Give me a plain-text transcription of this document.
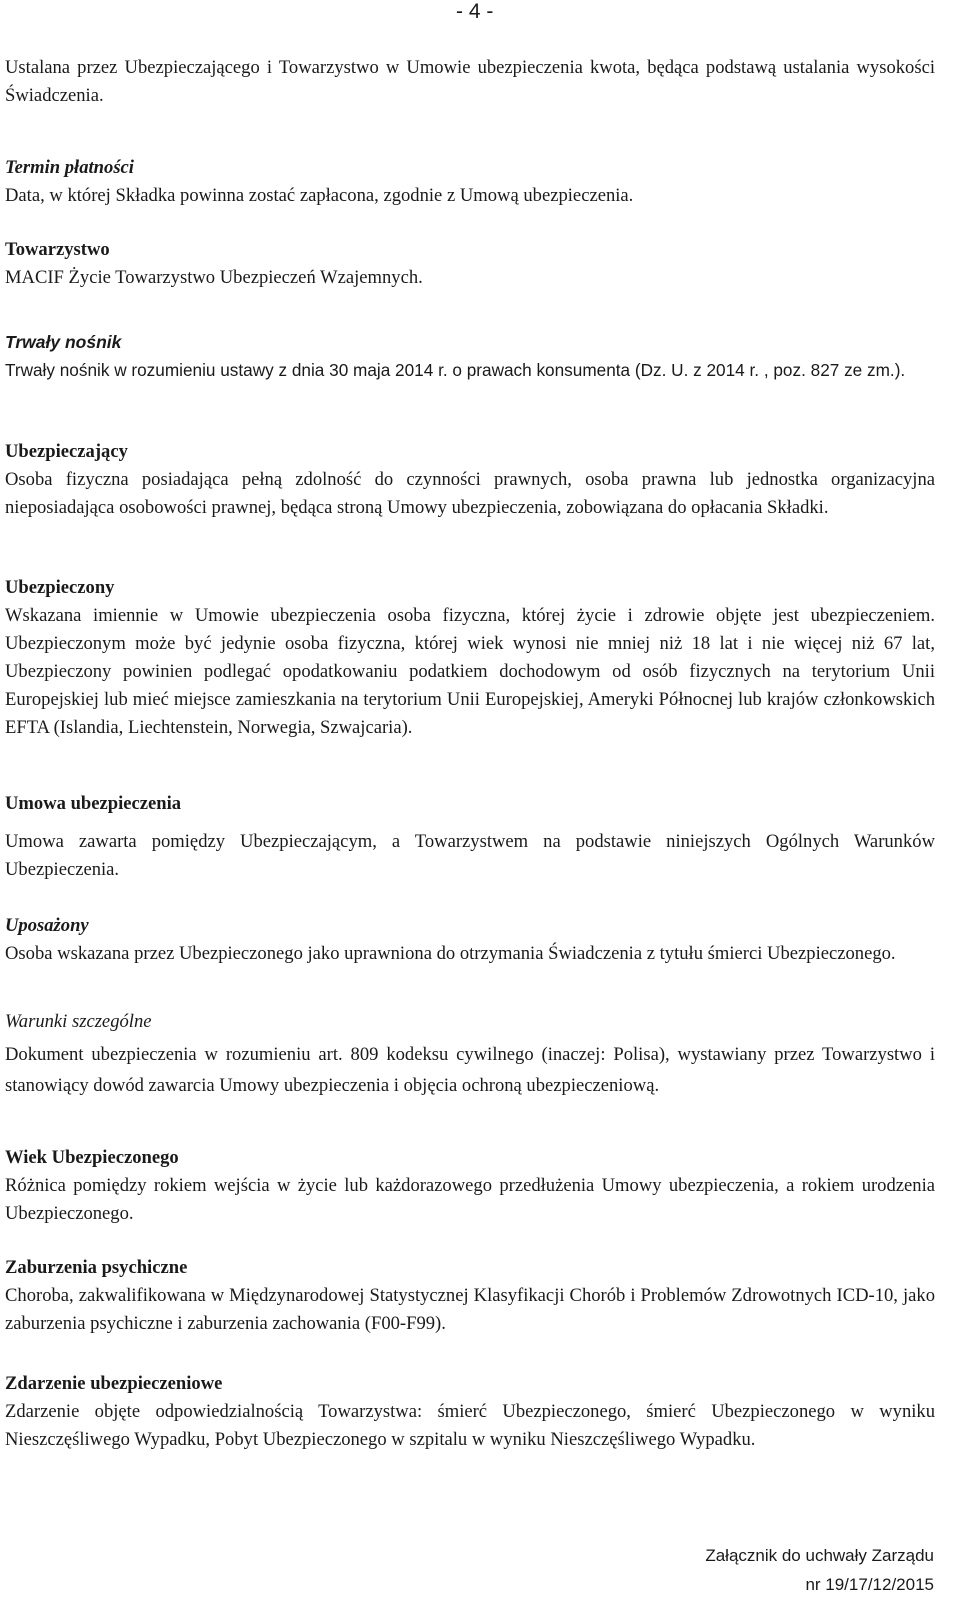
- 4 -

Ustalana przez Ubezpieczającego i Towarzystwo w Umowie ubezpieczenia kwota, będąca podstawą ustalania wysokości Świadczenia.

Termin płatności

Data, w której Składka powinna zostać zapłacona, zgodnie z Umową ubezpieczenia.

Towarzystwo

MACIF Życie Towarzystwo Ubezpieczeń Wzajemnych.

Trwały nośnik

Trwały nośnik w rozumieniu ustawy z dnia 30 maja 2014 r. o prawach konsumenta (Dz. U. z 2014 r. , poz. 827 ze zm.).

Ubezpieczający

Osoba fizyczna posiadająca pełną zdolność do czynności prawnych, osoba prawna lub jednostka organizacyjna nieposiadająca osobowości prawnej, będąca stroną Umowy ubezpieczenia, zobowiązana do opłacania Składki.

Ubezpieczony

Wskazana imiennie w Umowie ubezpieczenia osoba fizyczna, której życie i zdrowie objęte jest ubezpieczeniem. Ubezpieczonym może być jedynie osoba fizyczna, której wiek wynosi nie mniej niż 18 lat i nie więcej niż 67 lat, Ubezpieczony powinien podlegać opodatkowaniu podatkiem dochodowym od osób fizycznych na terytorium Unii Europejskiej lub mieć miejsce zamieszkania na terytorium Unii Europejskiej, Ameryki Północnej lub krajów członkowskich EFTA (Islandia, Liechtenstein, Norwegia, Szwajcaria).

Umowa ubezpieczenia

Umowa zawarta pomiędzy Ubezpieczającym, a Towarzystwem na podstawie niniejszych Ogólnych Warunków Ubezpieczenia.

Uposażony

Osoba wskazana przez Ubezpieczonego jako uprawniona do otrzymania Świadczenia z tytułu śmierci Ubezpieczonego.

Warunki szczególne

Dokument ubezpieczenia w rozumieniu art. 809 kodeksu cywilnego (inaczej: Polisa), wystawiany przez Towarzystwo i stanowiący dowód zawarcia Umowy ubezpieczenia i objęcia ochroną ubezpieczeniową.

Wiek Ubezpieczonego

Różnica pomiędzy rokiem wejścia w życie lub każdorazowego przedłużenia Umowy ubezpieczenia, a rokiem urodzenia Ubezpieczonego.

Zaburzenia psychiczne

Choroba, zakwalifikowana w Międzynarodowej Statystycznej Klasyfikacji Chorób i Problemów Zdrowotnych ICD-10, jako zaburzenia psychiczne i zaburzenia zachowania (F00-F99).

Zdarzenie ubezpieczeniowe

Zdarzenie objęte odpowiedzialnością Towarzystwa: śmierć Ubezpieczonego, śmierć Ubezpieczonego w wyniku Nieszczęśliwego Wypadku, Pobyt Ubezpieczonego w szpitalu w wyniku Nieszczęśliwego Wypadku.

Załącznik do uchwały Zarządu
nr 19/17/12/2015
